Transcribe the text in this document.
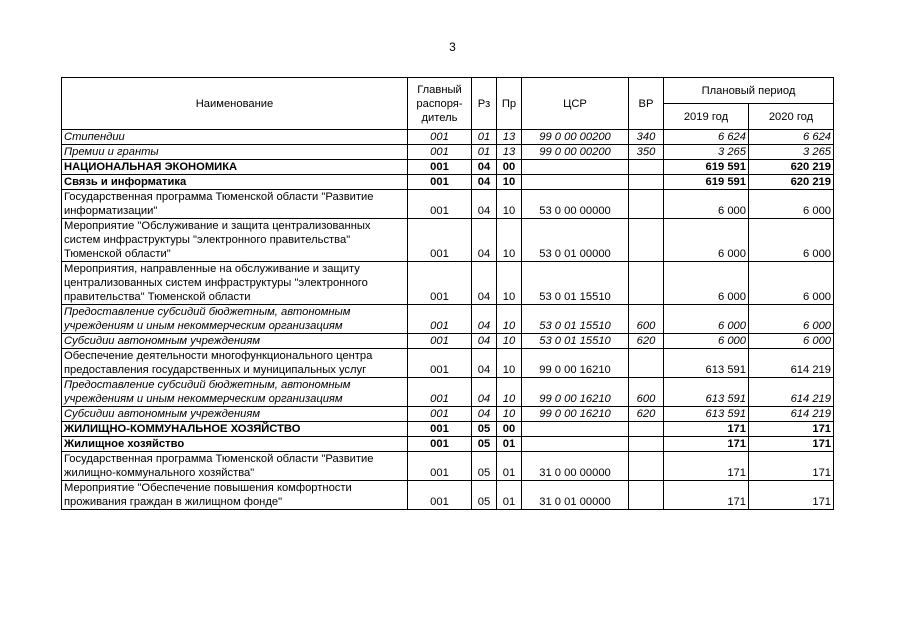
3
Наименование	Главный распоря-дитель	Рз	Пр	ЦСР	ВР	Плановый период	
						2019 год	2020 год
Стипендии	001	01	13	99 0 00 00200	340	6 624	6 624
Премии и гранты	001	01	13	99 0 00 00200	350	3 265	3 265
НАЦИОНАЛЬНАЯ ЭКОНОМИКА	001	04	00			619 591	620 219
Связь и информатика	001	04	10			619 591	620 219
Государственная программа Тюменской области "Развитие информатизации"	001	04	10	53 0 00 00000		6 000	6 000
Мероприятие "Обслуживание и защита централизованных систем инфраструктуры "электронного правительства" Тюменской области"	001	04	10	53 0 01 00000		6 000	6 000
Мероприятия, направленные на обслуживание и защиту централизованных систем инфраструктуры "электронного правительства" Тюменской области	001	04	10	53 0 01 15510		6 000	6 000
Предоставление субсидий бюджетным, автономным учреждениям и иным некоммерческим организациям	001	04	10	53 0 01 15510	600	6 000	6 000
Субсидии автономным учреждениям	001	04	10	53 0 01 15510	620	6 000	6 000
Обеспечение деятельности многофункционального центра предоставления государственных и муниципальных услуг	001	04	10	99 0 00 16210		613 591	614 219
Предоставление субсидий бюджетным, автономным учреждениям и иным некоммерческим организациям	001	04	10	99 0 00 16210	600	613 591	614 219
Субсидии автономным учреждениям	001	04	10	99 0 00 16210	620	613 591	614 219
ЖИЛИЩНО-КОММУНАЛЬНОЕ ХОЗЯЙСТВО	001	05	00			171	171
Жилищное хозяйство	001	05	01			171	171
Государственная программа Тюменской области "Развитие жилищно-коммунального хозяйства"	001	05	01	31 0 00 00000		171	171
Мероприятие "Обеспечение повышения комфортности проживания граждан в жилищном фонде"	001	05	01	31 0 01 00000		171	171
